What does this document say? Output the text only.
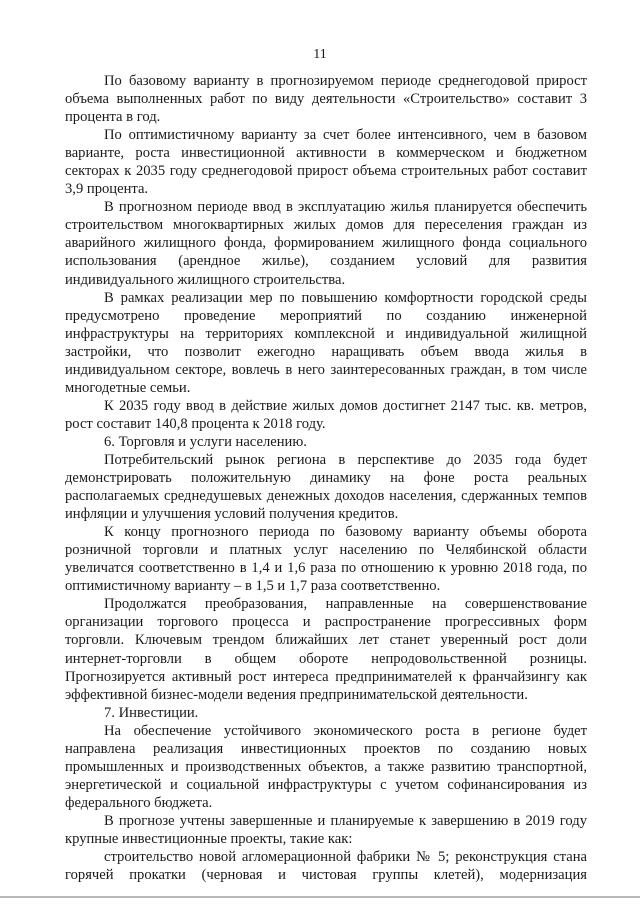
11

По базовому варианту в прогнозируемом периоде среднегодовой прирост объема выполненных работ по виду деятельности «Строительство» составит 3 процента в год.

По оптимистичному варианту за счет более интенсивного, чем в базовом варианте, роста инвестиционной активности в коммерческом и бюджетном секторах к 2035 году среднегодовой прирост объема строительных работ составит 3,9 процента.

В прогнозном периоде ввод в эксплуатацию жилья планируется обеспечить строительством многоквартирных жилых домов для переселения граждан из аварийного жилищного фонда, формированием жилищного фонда социального использования (арендное жилье), созданием условий для развития индивидуального жилищного строительства.

В рамках реализации мер по повышению комфортности городской среды предусмотрено проведение мероприятий по созданию инженерной инфраструктуры на территориях комплексной и индивидуальной жилищной застройки, что позволит ежегодно наращивать объем ввода жилья в индивидуальном секторе, вовлечь в него заинтересованных граждан, в том числе многодетные семьи.

К 2035 году ввод в действие жилых домов достигнет 2147 тыс. кв. метров, рост составит 140,8 процента к 2018 году.

6. Торговля и услуги населению.

Потребительский рынок региона в перспективе до 2035 года будет демонстрировать положительную динамику на фоне роста реальных располагаемых среднедушевых денежных доходов населения, сдержанных темпов инфляции и улучшения условий получения кредитов.

К концу прогнозного периода по базовому варианту объемы оборота розничной торговли и платных услуг населению по Челябинской области увеличатся соответственно в 1,4 и 1,6 раза по отношению к уровню 2018 года, по оптимистичному варианту – в 1,5 и 1,7 раза соответственно.

Продолжатся преобразования, направленные на совершенствование организации торгового процесса и распространение прогрессивных форм торговли. Ключевым трендом ближайших лет станет уверенный рост доли интернет-торговли в общем обороте непродовольственной розницы. Прогнозируется активный рост интереса предпринимателей к франчайзингу как эффективной бизнес-модели ведения предпринимательской деятельности.

7. Инвестиции.

На обеспечение устойчивого экономического роста в регионе будет направлена реализация инвестиционных проектов по созданию новых промышленных и производственных объектов, а также развитию транспортной, энергетической и социальной инфраструктуры с учетом софинансирования из федерального бюджета.

В прогнозе учтены завершенные и планируемые к завершению в 2019 году крупные инвестиционные проекты, такие как:

строительство новой агломерационной фабрики № 5; реконструкция стана горячей прокатки (черновая и чистовая группы клетей), модернизация
